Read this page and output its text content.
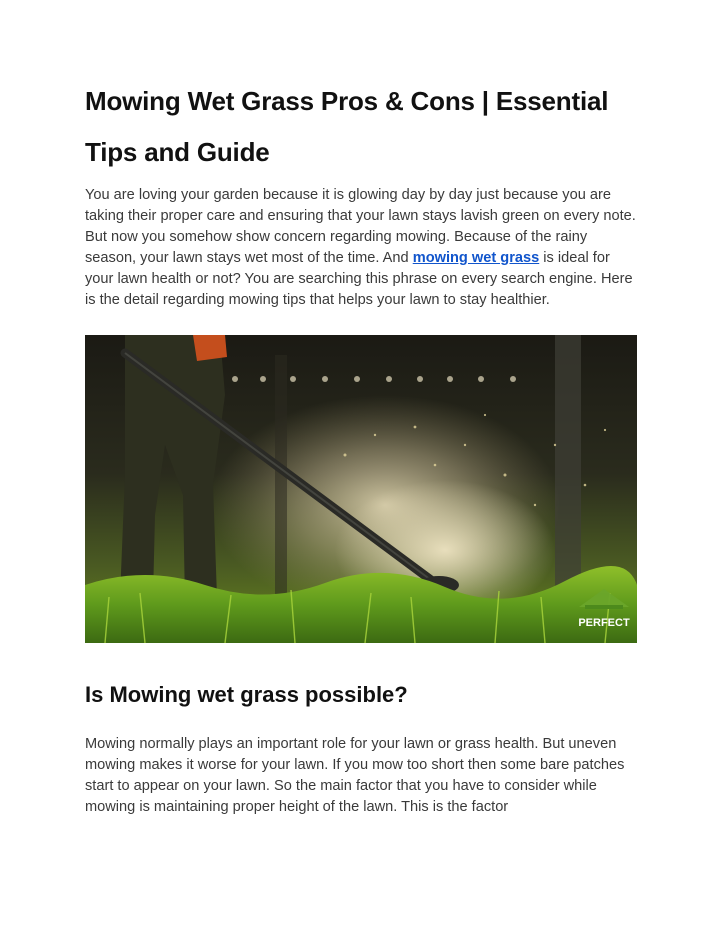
Mowing Wet Grass Pros & Cons | Essential Tips and Guide

You are loving your garden because it is glowing day by day just because you are taking their proper care and ensuring that your lawn stays lavish green on every note. But now you somehow show concern regarding mowing. Because of the rainy season, your lawn stays wet most of the time. And mowing wet grass is ideal for your lawn health or not? You are searching this phrase on every search engine. Here is the detail regarding mowing tips that helps your lawn to stay healthier.

PERFECT
Is Mowing wet grass possible?

Mowing normally plays an important role for your lawn or grass health. But uneven mowing makes it worse for your lawn. If you mow too short then some bare patches start to appear on your lawn. So the main factor that you have to consider while mowing is maintaining proper height of the lawn. This is the factor
